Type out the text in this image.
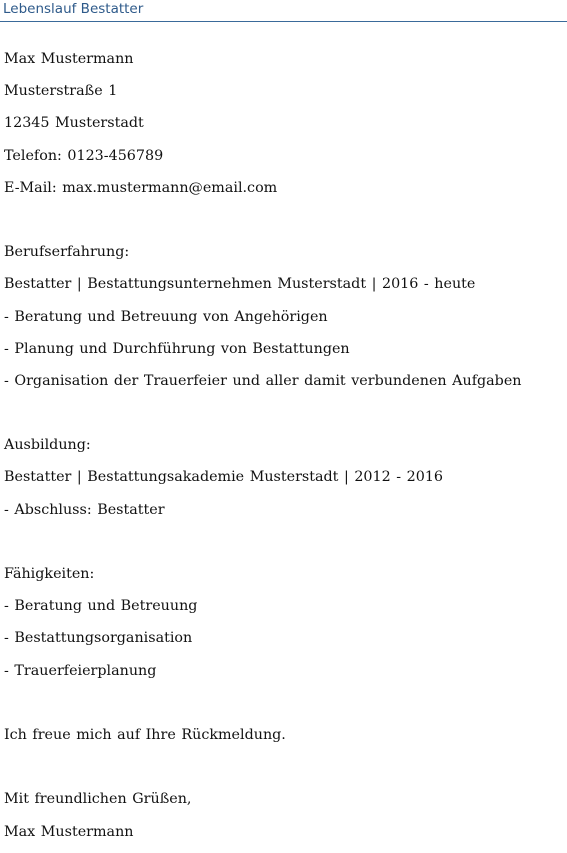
Lebenslauf Bestatter
Max Mustermann
Musterstraße 1
12345 Musterstadt
Telefon: 0123-456789
E-Mail: max.mustermann@email.com
Berufserfahrung:
Bestatter | Bestattungsunternehmen Musterstadt | 2016 - heute
- Beratung und Betreuung von Angehörigen
- Planung und Durchführung von Bestattungen
- Organisation der Trauerfeier und aller damit verbundenen Aufgaben
Ausbildung:
Bestatter | Bestattungsakademie Musterstadt | 2012 - 2016
- Abschluss: Bestatter
Fähigkeiten:
- Beratung und Betreuung
- Bestattungsorganisation
- Trauerfeierplanung
Ich freue mich auf Ihre Rückmeldung.
Mit freundlichen Grüßen,
Max Mustermann
